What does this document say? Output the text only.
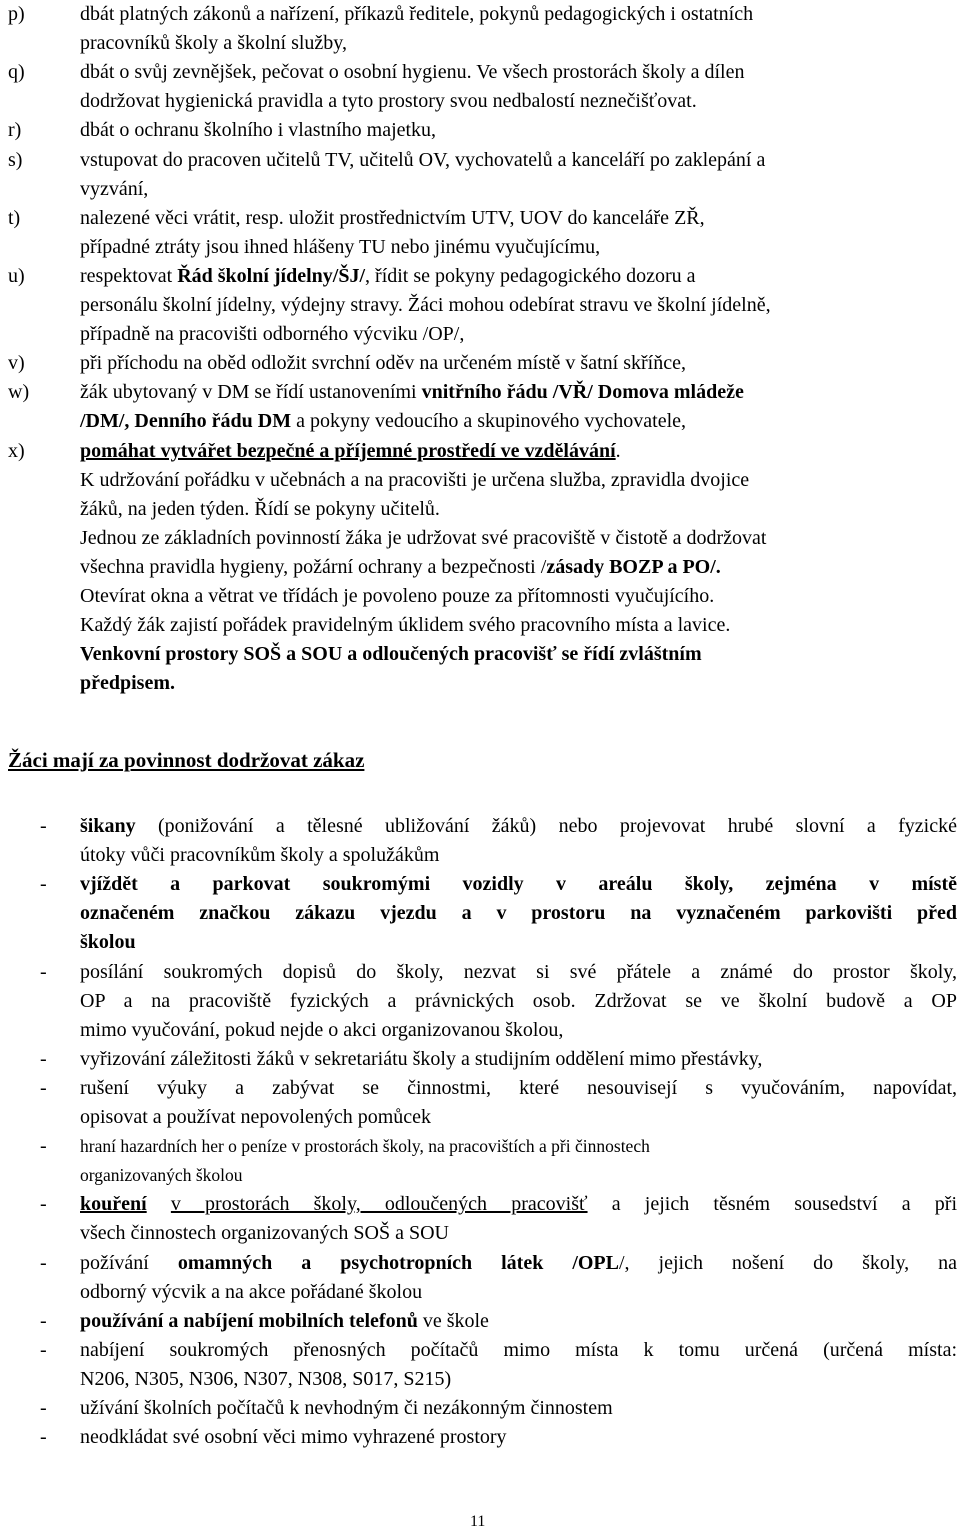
p)	dbát platných zákonů a nařízení, příkazů ředitele, pokynů pedagogických i ostatních
pracovníků školy a školní služby,
q)	dbát o svůj zevnějšek, pečovat o osobní hygienu. Ve všech prostorách školy a dílen
dodržovat hygienická pravidla a tyto prostory svou nedbalostí neznečišťovat.
r)	dbát o ochranu školního i vlastního majetku,
s)	vstupovat do pracoven učitelů TV, učitelů OV, vychovatelů a kanceláří po zaklepání a
vyzvání,
t)	nalezené věci vrátit, resp. uložit prostřednictvím UTV, UOV do kanceláře ZŘ,
případné ztráty jsou ihned hlášeny TU nebo jinému vyučujícímu,
u)	respektovat Řád školní jídelny/ŠJ/, řídit se pokyny pedagogického dozoru a
personálu školní jídelny, výdejny stravy. Žáci mohou odebírat stravu ve školní jídelně,
případně na pracovišti odborného výcviku /OP/,
v)	při příchodu na oběd odložit svrchní oděv na určeném místě v šatní skříňce,
w)	žák ubytovaný v DM se řídí ustanoveními vnitřního řádu /VŘ/ Domova mládeže
/DM/, Denního řádu DM a pokyny vedoucího a skupinového vychovatele,
x)	pomáhat vytvářet bezpečné a příjemné prostředí ve vzdělávání.
K udržování pořádku v učebnách a na pracovišti je určena služba, zpravidla dvojice
žáků, na jeden týden. Řídí se pokyny učitelů.
Jednou ze základních povinností žáka je udržovat své pracoviště v čistotě a dodržovat
všechna pravidla hygieny, požární ochrany a bezpečnosti /zásady BOZP a PO/.
Otevírat okna a větrat ve třídách je povoleno pouze za přítomnosti vyučujícího.
Každý žák zajistí pořádek pravidelným úklidem svého pracovního místa a lavice.
Venkovní prostory SOŠ a SOU a odloučených pracovišť se řídí zvláštním
předpisem.
Žáci mají za povinnost dodržovat zákaz
- šikany (ponižování a tělesné ubližování žáků) nebo projevovat hrubé slovní a fyzické
útoky vůči pracovníkům školy a spolužákům
- vjíždět a parkovat soukromými vozidly v areálu školy, zejména v místě
označeném značkou zákazu vjezdu a v prostoru na vyznačeném parkovišti před
školou
- posílání soukromých dopisů do školy, nezvat si své přátele a známé do prostor školy,
OP a na pracoviště fyzických a právnických osob. Zdržovat se ve školní budově a OP
mimo vyučování, pokud nejde o akci organizovanou školou,
- vyřizování záležitosti žáků v sekretariátu školy a studijním oddělení mimo přestávky,
- rušení výuky a zabývat se činnostmi, které nesouvisejí s vyučováním, napovídat,
opisovat a používat nepovolených pomůcek
- hraní hazardních her o peníze v prostorách školy, na pracovištích a při činnostech
organizovaných školou
- kouření v prostorách školy, odloučených pracovišť a jejich těsném sousedství a při
všech činnostech organizovaných SOŠ a SOU
- požívání omamných a psychotropních látek /OPL/, jejich nošení do školy, na
odborný výcvik a na akce pořádané školou
- používání a nabíjení mobilních telefonů ve škole
- nabíjení soukromých přenosných počítačů mimo místa k tomu určená (určená místa:
N206, N305, N306, N307, N308, S017, S215)
- užívání školních počítačů k nevhodným či nezákonným činnostem
- neodkládat své osobní věci mimo vyhrazené prostory
11
